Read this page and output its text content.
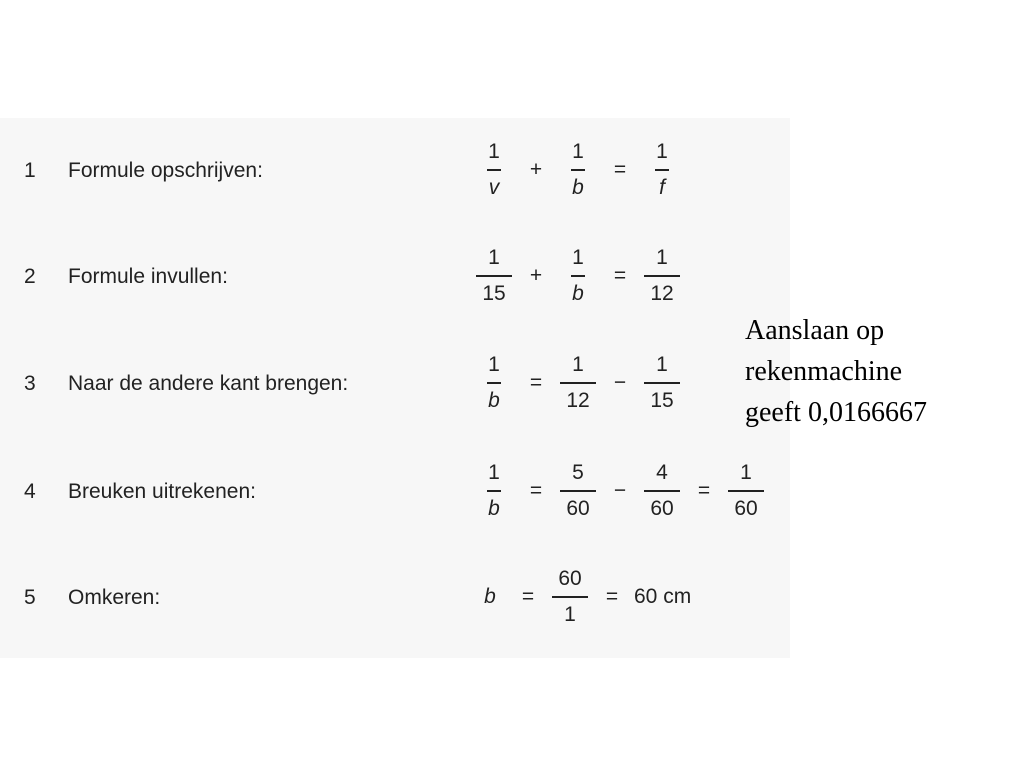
1	Formule opschrijven:	$\frac{1}{v} + \frac{1}{b} = \frac{1}{f}$
2	Formule invullen:	$\frac{1}{15} + \frac{1}{b} = \frac{1}{12}$
3	Naar de andere kant brengen:	$\frac{1}{b} = \frac{1}{12} - \frac{1}{15}$
4	Breuken uitrekenen:	$\frac{1}{b} = \frac{5}{60} - \frac{4}{60} = \frac{1}{60}$
5	Omkeren:	b	= $\frac{60}{1} = 60$ cm
Aanslaan op
rekenmachine
geeft 0,0166667
